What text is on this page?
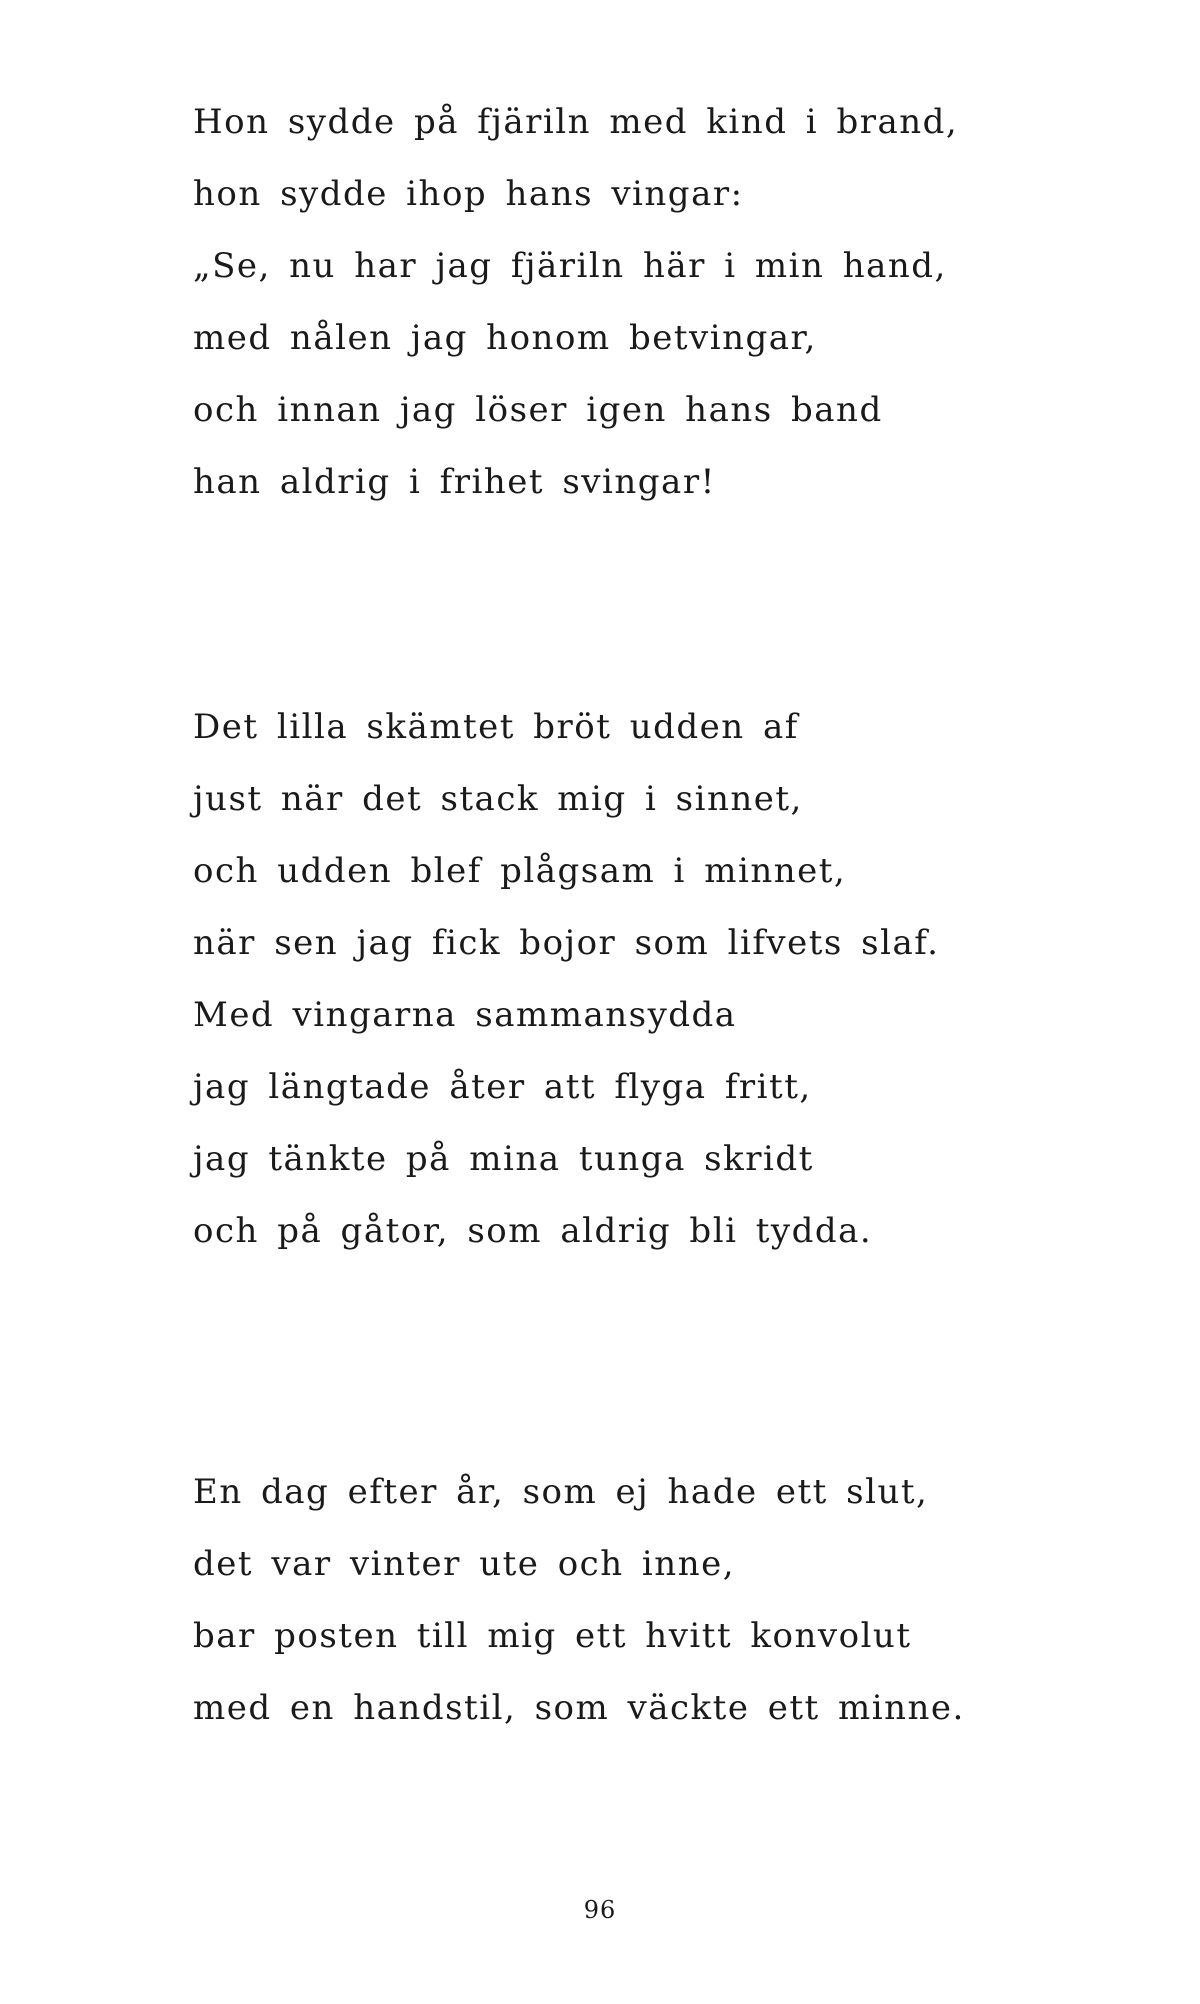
Hon sydde på fjäriln med kind i brand,
hon sydde ihop hans vingar:
„Se, nu har jag fjäriln här i min hand,
med nålen jag honom betvingar,
och innan jag löser igen hans band
han aldrig i frihet svingar!
Det lilla skämtet bröt udden af
just när det stack mig i sinnet,
och udden blef plågsam i minnet,
när sen jag fick bojor som lifvets slaf.
Med vingarna sammansydda
jag längtade åter att flyga fritt,
jag tänkte på mina tunga skridt
och på gåtor, som aldrig bli tydda.
En dag efter år, som ej hade ett slut,
det var vinter ute och inne,
bar posten till mig ett hvitt konvolut
med en handstil, som väckte ett minne.
96
